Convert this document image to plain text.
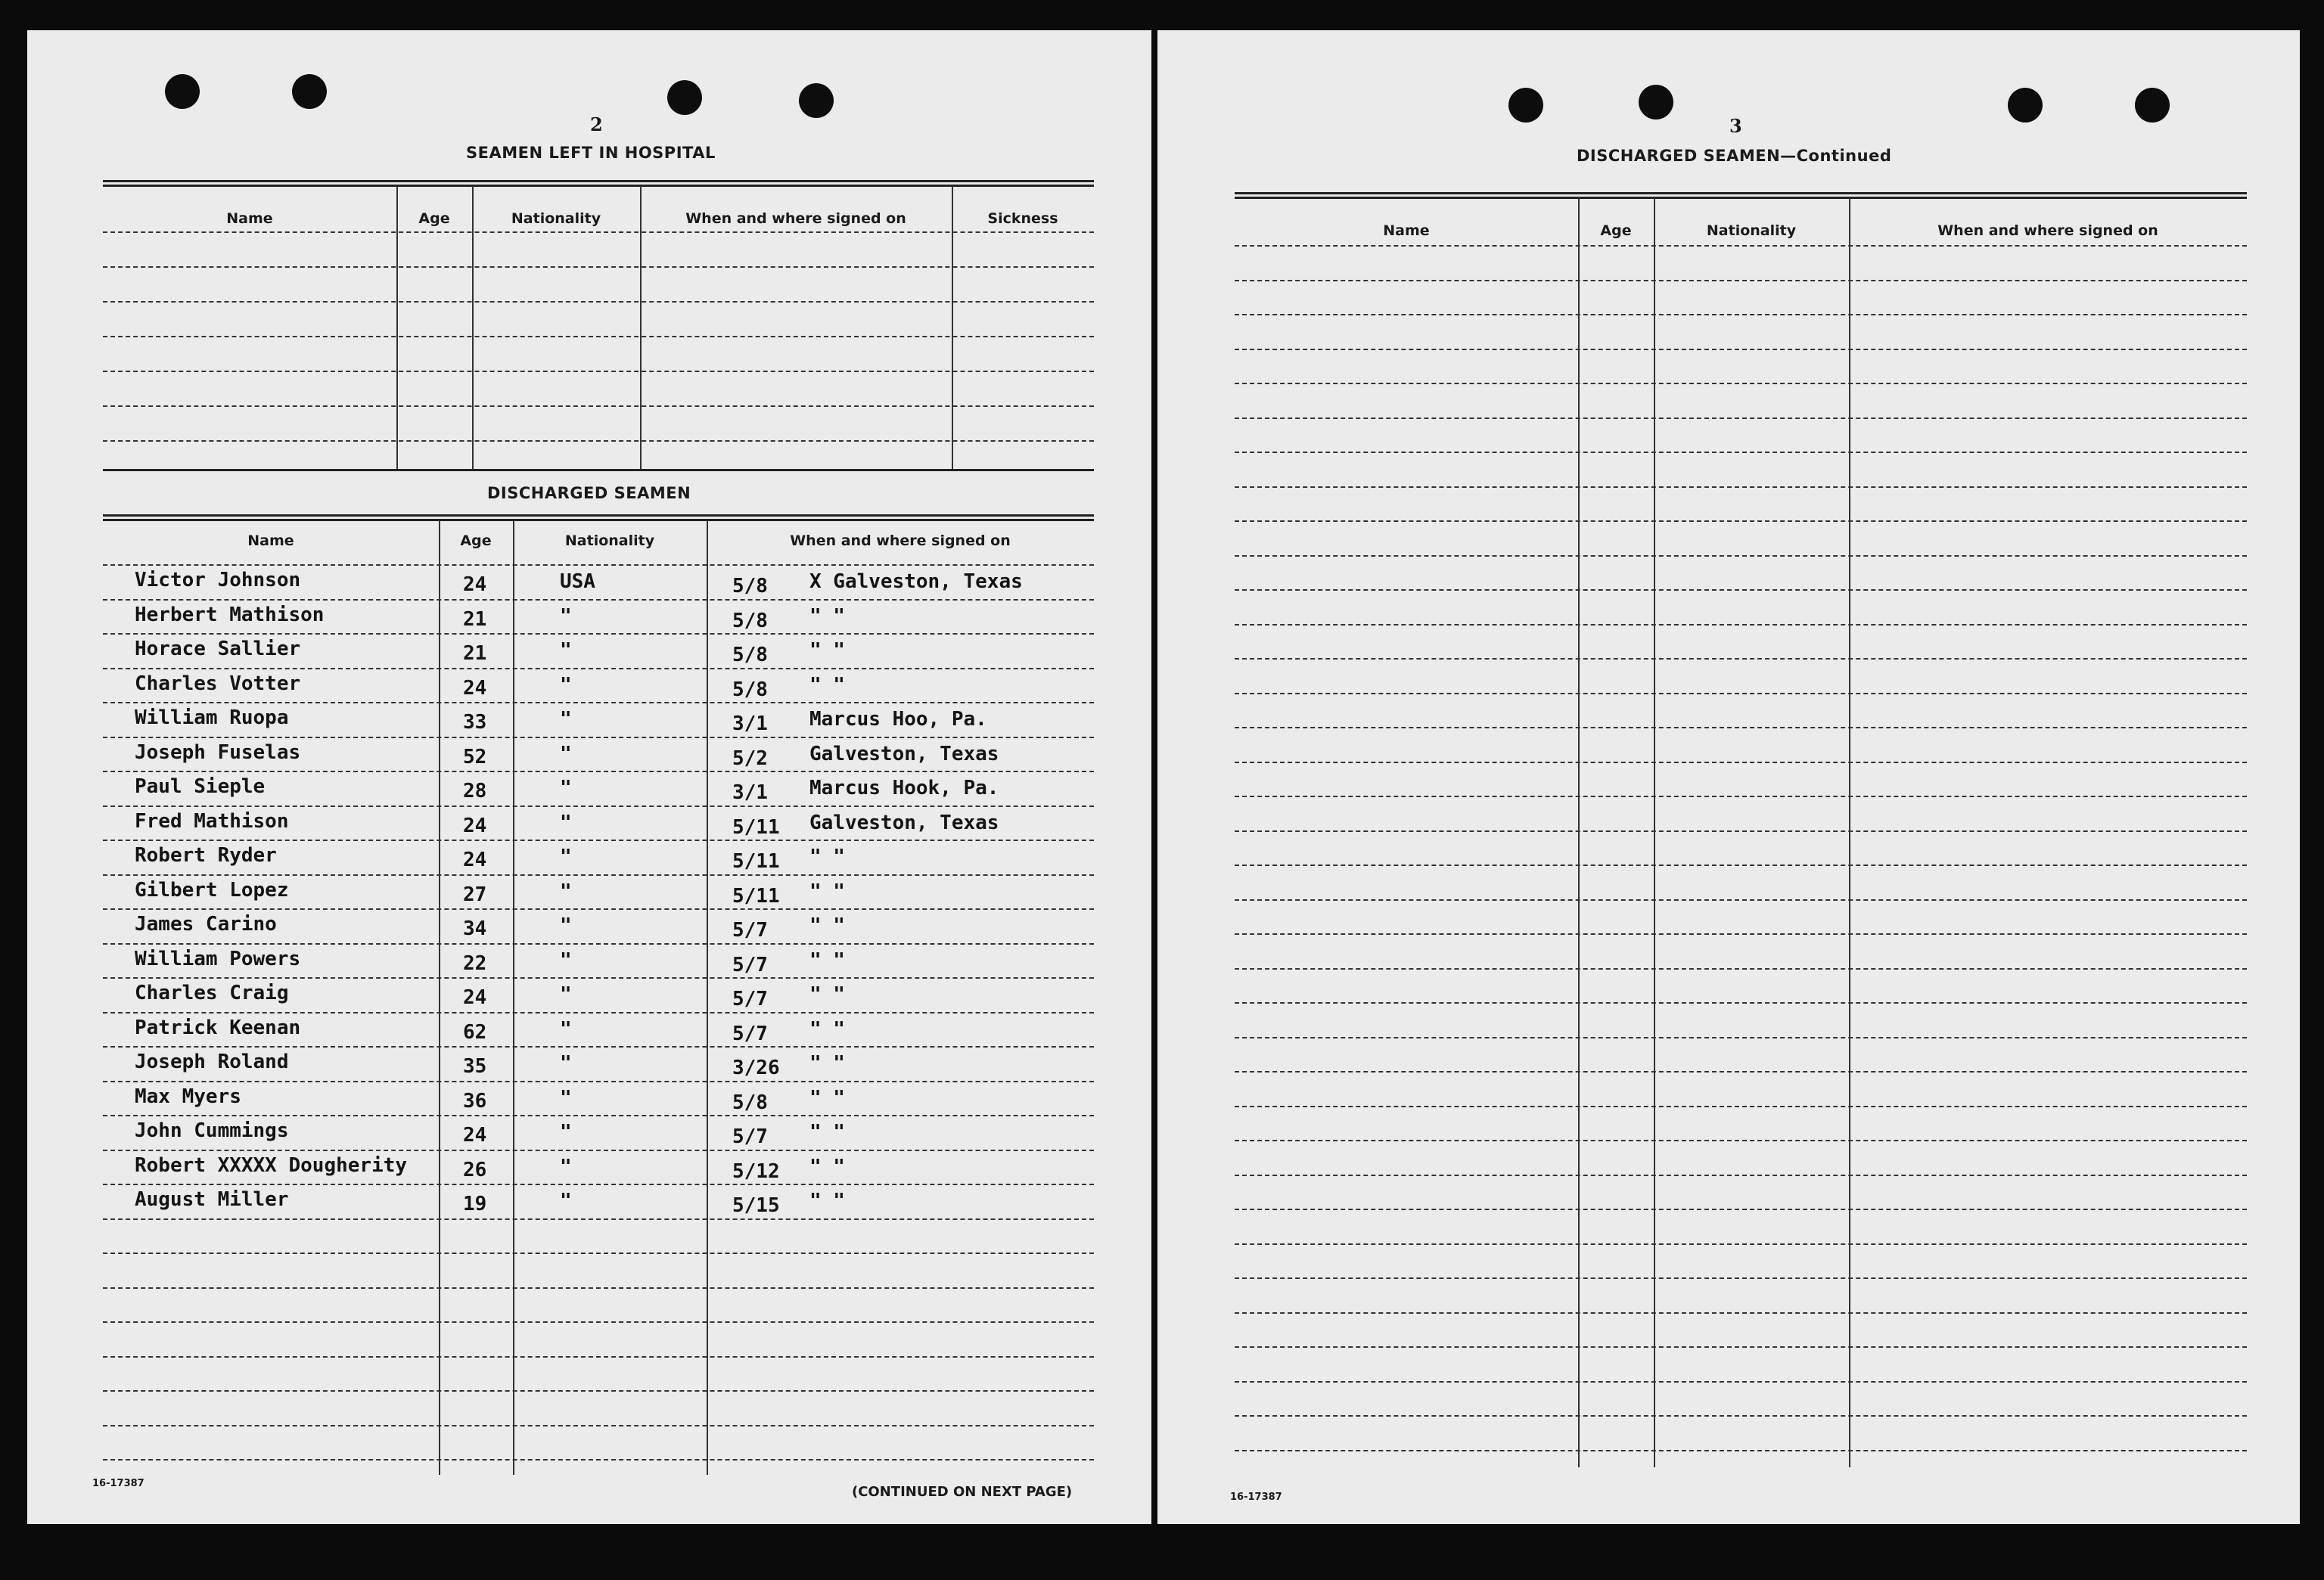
2
SEAMEN LEFT IN HOSPITAL
Name	Age	Nationality	When and where signed on	Sickness
DISCHARGED SEAMEN
Name	Age	Nationality	When and where signed on
Victor Johnson	24	USA	5/8 X Galveston, Texas
Herbert Mathison	21	"	5/8 " "
Horace Sallier	21	"	5/8 " "
Charles Votter	24	"	5/8 " "
William Ruopa	33	"	3/1 Marcus Hoo, Pa.
Joseph Fuselas	52	"	5/2 Galveston, Texas
Paul Sieple	28	"	3/1 Marcus Hook, Pa.
Fred Mathison	24	"	5/11 Galveston, Texas
Robert Ryder	24	"	5/11 " "
Gilbert Lopez	27	"	5/11 " "
James Carino	34	"	5/7 " "
William Powers	22	"	5/7 " "
Charles Craig	24	"	5/7 " "
Patrick Keenan	62	"	5/7 " "
Joseph Roland	35	"	3/26 " "
Max Myers	36	"	5/8 " "
John Cummings	24	"	5/7 " "
Robert XXXXX Dougherity	26	"	5/12 " "
August Miller	19	"	5/15 " "
16-17387
(CONTINUED ON NEXT PAGE)
3
DISCHARGED SEAMEN—Continued
Name	Age	Nationality	When and where signed on
16-17387
